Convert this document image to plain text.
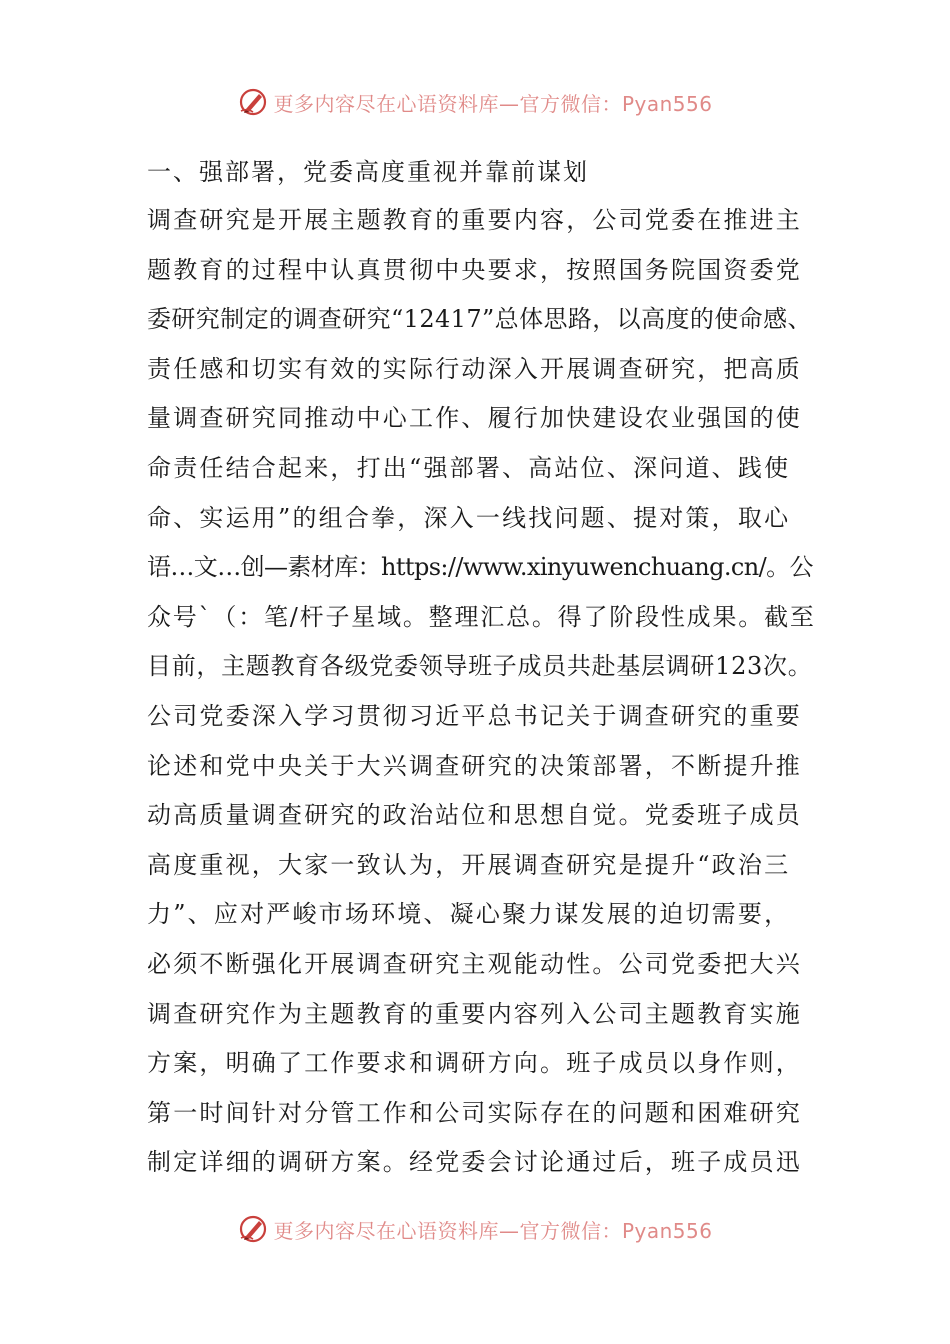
更多内容尽在心语资料库—官方微信：Pyan556
一、强部署，党委高度重视并靠前谋划
调查研究是开展主题教育的重要内容，公司党委在推进主
题教育的过程中认真贯彻中央要求，按照国务院国资委党
委研究制定的调查研究“12417”总体思路，以高度的使命感、
责任感和切实有效的实际行动深入开展调查研究，把高质
量调查研究同推动中心工作、履行加快建设农业强国的使
命责任结合起来，打出“强部署、高站位、深问道、践使
命、实运用”的组合拳，深入一线找问题、提对策，取心
语…文…创—素材库：https://www.xinyuwenchuang.cn/。公
众号`（：笔/杆子星域。整理汇总。得了阶段性成果。截至
目前，主题教育各级党委领导班子成员共赴基层调研123次。
公司党委深入学习贯彻习近平总书记关于调查研究的重要
论述和党中央关于大兴调查研究的决策部署，不断提升推
动高质量调查研究的政治站位和思想自觉。党委班子成员
高度重视，大家一致认为，开展调查研究是提升“政治三
力”、应对严峻市场环境、凝心聚力谋发展的迫切需要，
必须不断强化开展调查研究主观能动性。公司党委把大兴
调查研究作为主题教育的重要内容列入公司主题教育实施
方案，明确了工作要求和调研方向。班子成员以身作则，
第一时间针对分管工作和公司实际存在的问题和困难研究
制定详细的调研方案。经党委会讨论通过后，班子成员迅
更多内容尽在心语资料库—官方微信：Pyan556
